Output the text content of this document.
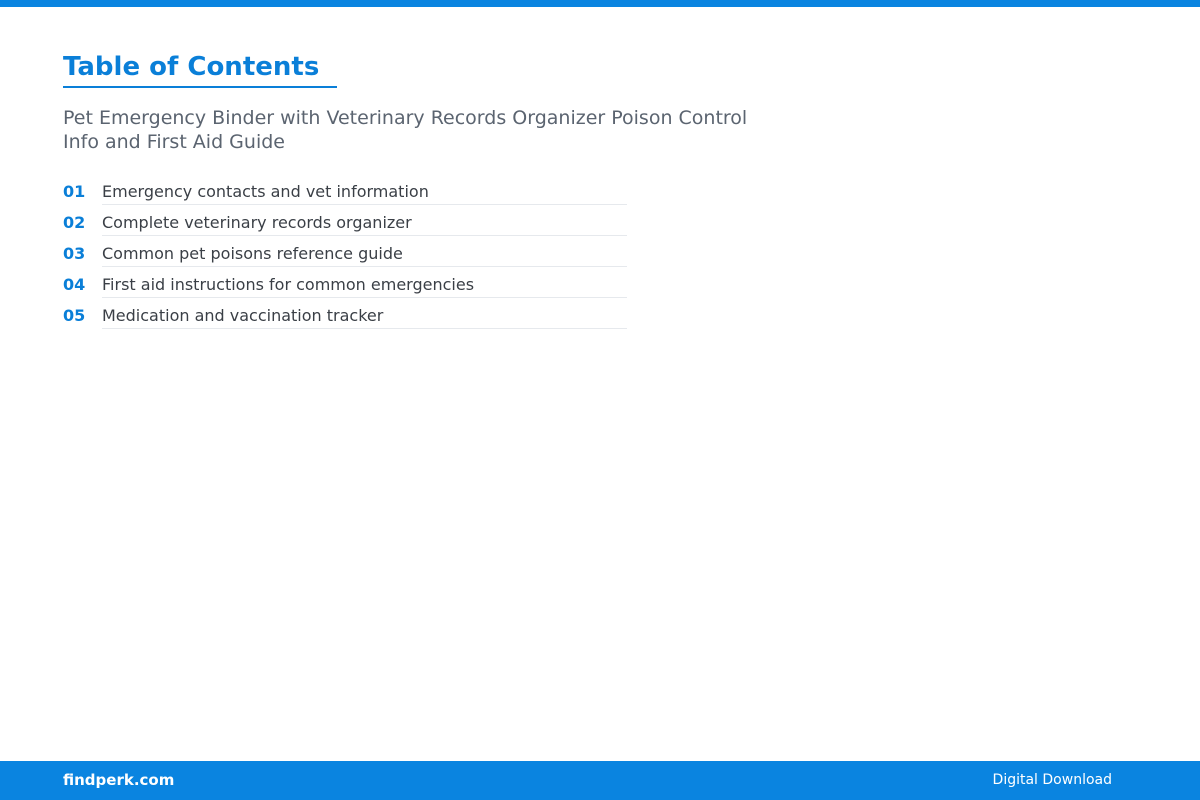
Table of Contents

Pet Emergency Binder with Veterinary Records Organizer Poison Control Info and First Aid Guide

01	Emergency contacts and vet information
02	Complete veterinary records organizer
03	Common pet poisons reference guide
04	First aid instructions for common emergencies
05	Medication and vaccination tracker
findperk.com	Digital Download
